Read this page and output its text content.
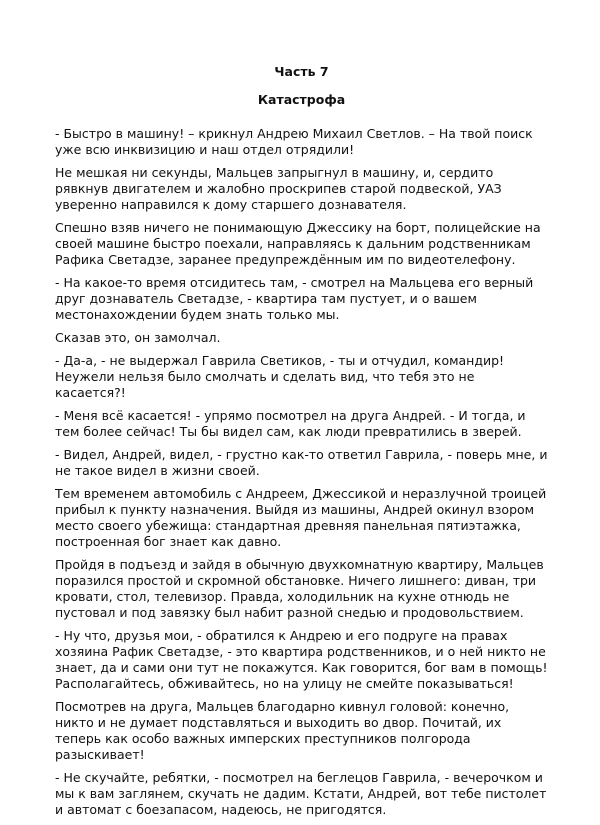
Часть 7
Катастрофа

- Быстро в машину! – крикнул Андрею Михаил Светлов. – На твой поиск уже всю инквизицию и наш отдел отрядили!

Не мешкая ни секунды, Мальцев запрыгнул в машину, и, сердито рявкнув двигателем и жалобно проскрипев старой подвеской, УАЗ уверенно направился к дому старшего дознавателя.

Спешно взяв ничего не понимающую Джессику на борт, полицейские на своей машине быстро поехали, направляясь к дальним родственникам Рафика Светадзе, заранее предупреждённым им по видеотелефону.

- На какое-то время отсидитесь там, - смотрел на Мальцева его верный друг дознаватель Светадзе, - квартира там пустует, и о вашем местонахождении будем знать только мы.

Сказав это, он замолчал.

- Да-а, - не выдержал Гаврила Светиков, - ты и отчудил, командир! Неужели нельзя было смолчать и сделать вид, что тебя это не касается?!

- Меня всё касается! - упрямо посмотрел на друга Андрей. - И тогда, и тем более сейчас! Ты бы видел сам, как люди превратились в зверей.

- Видел, Андрей, видел, - грустно как-то ответил Гаврила, - поверь мне, и не такое видел в жизни своей.

Тем временем автомобиль с Андреем, Джессикой и неразлучной троицей прибыл к пункту назначения. Выйдя из машины, Андрей окинул взором место своего убежища: стандартная древняя панельная пятиэтажка, построенная бог знает как давно.

Пройдя в подъезд и зайдя в обычную двухкомнатную квартиру, Мальцев поразился простой и скромной обстановке. Ничего лишнего: диван, три кровати, стол, телевизор. Правда, холодильник на кухне отнюдь не пустовал и под завязку был набит разной снедью и продовольствием.

- Ну что, друзья мои, - обратился к Андрею и его подруге на правах хозяина Рафик Светадзе, - это квартира родственников, и о ней никто не знает, да и сами они тут не покажутся. Как говорится, бог вам в помощь! Располагайтесь, обживайтесь, но на улицу не смейте показываться!

Посмотрев на друга, Мальцев благодарно кивнул головой: конечно, никто и не думает подставляться и выходить во двор. Почитай, их теперь как особо важных имперских преступников полгорода разыскивает!

- Не скучайте, ребятки, - посмотрел на беглецов Гаврила, - вечерочком и мы к вам заглянем, скучать не дадим. Кстати, Андрей, вот тебе пистолет и автомат с боезапасом, надеюсь, не пригодятся.
